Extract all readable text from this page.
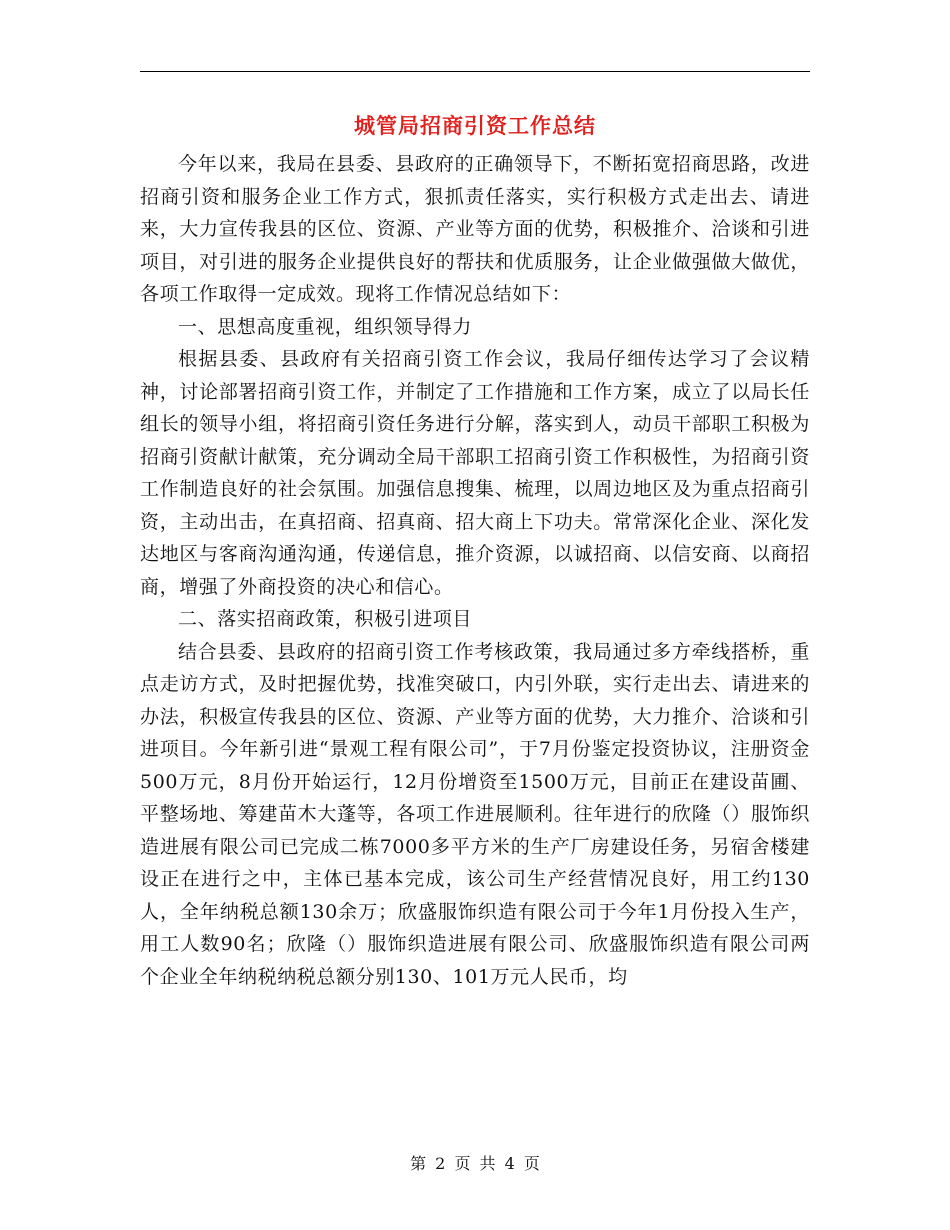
城管局招商引资工作总结

今年以来，我局在县委、县政府的正确领导下，不断拓宽招商思路，改进招商引资和服务企业工作方式，狠抓责任落实，实行积极方式走出去、请进来，大力宣传我县的区位、资源、产业等方面的优势，积极推介、洽谈和引进项目，对引进的服务企业提供良好的帮扶和优质服务，让企业做强做大做优，各项工作取得一定成效。现将工作情况总结如下：

一、思想高度重视，组织领导得力

根据县委、县政府有关招商引资工作会议，我局仔细传达学习了会议精神，讨论部署招商引资工作，并制定了工作措施和工作方案，成立了以局长任组长的领导小组，将招商引资任务进行分解，落实到人，动员干部职工积极为招商引资献计献策，充分调动全局干部职工招商引资工作积极性，为招商引资工作制造良好的社会氛围。加强信息搜集、梳理，以周边地区及为重点招商引资，主动出击，在真招商、招真商、招大商上下功夫。常常深化企业、深化发达地区与客商沟通沟通，传递信息，推介资源，以诚招商、以信安商、以商招商，增强了外商投资的决心和信心。

二、落实招商政策，积极引进项目

结合县委、县政府的招商引资工作考核政策，我局通过多方牵线搭桥，重点走访方式，及时把握优势，找准突破口，内引外联，实行走出去、请进来的办法，积极宣传我县的区位、资源、产业等方面的优势，大力推介、洽谈和引进项目。今年新引进“景观工程有限公司”，于7月份鉴定投资协议，注册资金500万元，8月份开始运行，12月份增资至1500万元，目前正在建设苗圃、平整场地、筹建苗木大蓬等，各项工作进展顺利。往年进行的欣隆（）服饰织造进展有限公司已完成二栋7000多平方米的生产厂房建设任务，另宿舍楼建设正在进行之中，主体已基本完成，该公司生产经营情况良好，用工约130人，全年纳税总额130余万；欣盛服饰织造有限公司于今年1月份投入生产，用工人数90名；欣隆（）服饰织造进展有限公司、欣盛服饰织造有限公司两个企业全年纳税纳税总额分别130、101万元人民币，均

第 2 页 共 4 页
